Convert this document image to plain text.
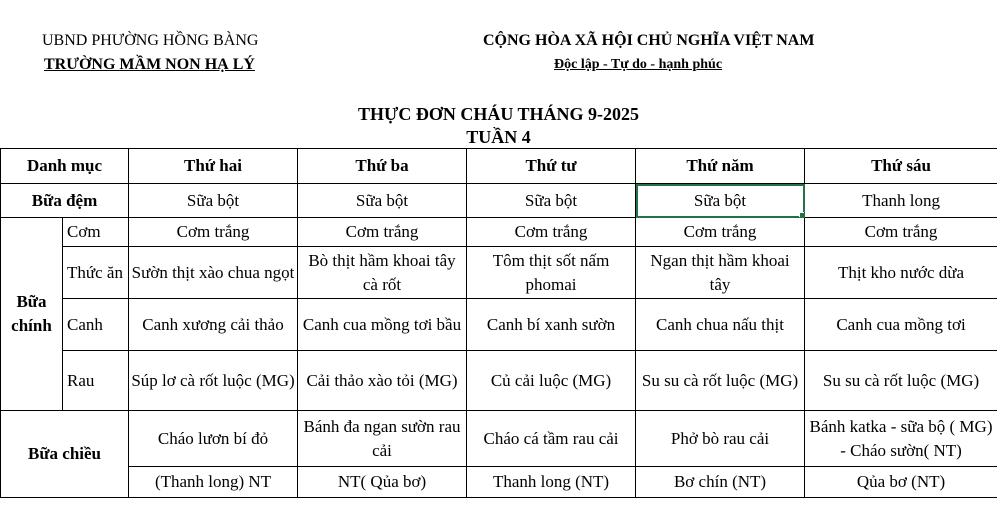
UBND PHƯỜNG HỒNG BÀNG
TRƯỜNG MẦM NON HẠ LÝ
CỘNG HÒA XÃ HỘI CHỦ NGHĨA VIỆT NAM
Độc lập - Tự do - hạnh phúc
THỰC ĐƠN CHÁU THÁNG 9-2025
TUẦN 4
Danh mục		Thứ hai	Thứ ba	Thứ tư	Thứ năm	Thứ sáu
Bữa đệm		Sữa bột	Sữa bột	Sữa bột	Sữa bột	Thanh long
Bữa chính	Cơm	Cơm trắng	Cơm trắng	Cơm trắng	Cơm trắng	Cơm trắng
	Thức ăn	Sườn thịt xào chua ngọt	Bò thịt hầm khoai tây cà rốt	Tôm thịt sốt nấm phomai	Ngan thịt hầm khoai tây	Thịt kho nước dừa
	Canh	Canh xương cải thảo	Canh cua mồng tơi bầu	Canh bí xanh sườn	Canh chua nấu thịt	Canh cua mồng tơi
	Rau	Súp lơ cà rốt luộc (MG)	Cải thảo xào tỏi (MG)	Củ cải luộc (MG)	Su su cà rốt luộc (MG)	Su su cà rốt luộc (MG)
Bữa chiều		Cháo lươn bí đỏ	Bánh đa ngan sườn rau cải	Cháo cá tầm rau cải	Phở bò rau cải	Bánh katka - sữa bộ ( MG) - Cháo sườn( NT)
		(Thanh long) NT	NT( Qủa bơ)	Thanh long (NT)	Bơ chín (NT)	Qủa bơ (NT)
